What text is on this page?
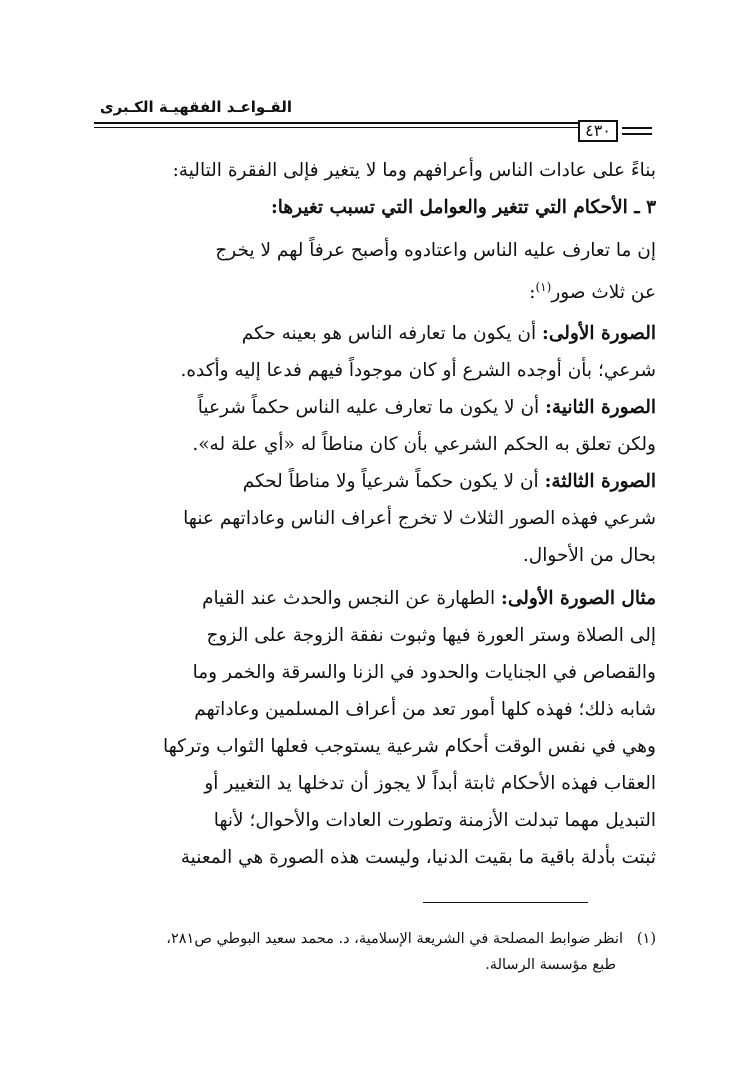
القـواعـد الفقهيـة الكـبرى
٤٣٠
بناءً على عادات الناس وأعرافهم وما لا يتغير فإلى الفقرة التالية:
٣ ـ الأحكام التي تتغير والعوامل التي تسبب تغيرها:
إن ما تعارف عليه الناس واعتادوه وأصبح عرفاً لهم لا يخرج
عن ثلاث صور$^{(١)}$:
الصورة الأولى: أن يكون ما تعارفه الناس هو بعينه حكم
شرعي؛ بأن أوجده الشرع أو كان موجوداً فيهم فدعا إليه وأكده.
الصورة الثانية: أن لا يكون ما تعارف عليه الناس حكماً شرعياً
ولكن تعلق به الحكم الشرعي بأن كان مناطاً له «أي علة له».
الصورة الثالثة: أن لا يكون حكماً شرعياً ولا مناطاً لحكم
شرعي فهذه الصور الثلاث لا تخرج أعراف الناس وعاداتهم عنها
بحال من الأحوال.
مثال الصورة الأولى: الطهارة عن النجس والحدث عند القيام
إلى الصلاة وستر العورة فيها وثبوت نفقة الزوجة على الزوج
والقصاص في الجنايات والحدود في الزنا والسرقة والخمر وما
شابه ذلك؛ فهذه كلها أمور تعد من أعراف المسلمين وعاداتهم
وهي في نفس الوقت أحكام شرعية يستوجب فعلها الثواب وتركها
العقاب فهذه الأحكام ثابتة أبداً لا يجوز أن تدخلها يد التغيير أو
التبديل مهما تبدلت الأزمنة وتطورت العادات والأحوال؛ لأنها
ثبتت بأدلة باقية ما بقيت الدنيا، وليست هذه الصورة هي المعنية
(١)   انظر ضوابط المصلحة في الشريعة الإسلامية، د. محمد سعيد البوطي ص٢٨١،
طبع مؤسسة الرسالة.
